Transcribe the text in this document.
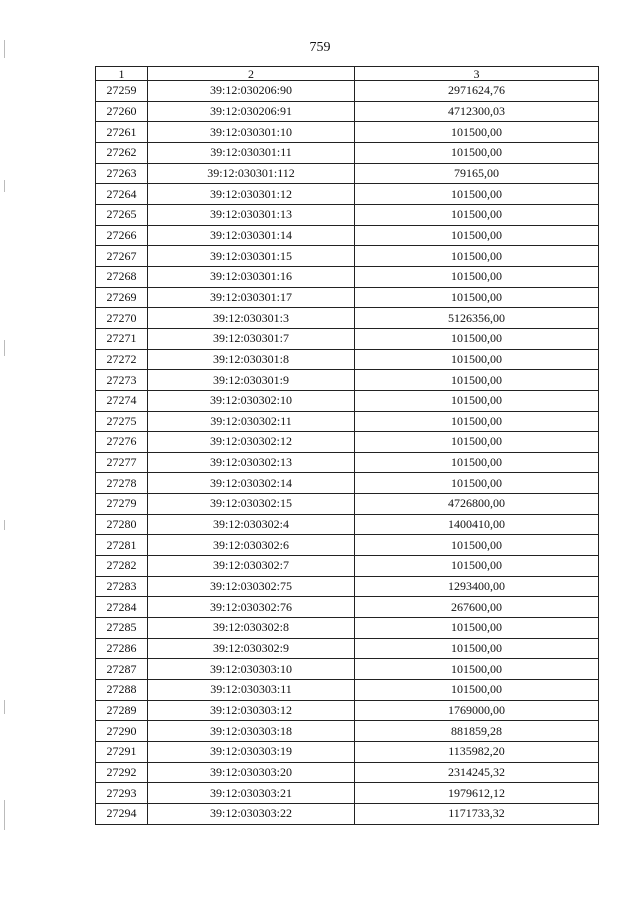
759
1	2	3
27259	39:12:030206:90	2971624,76
27260	39:12:030206:91	4712300,03
27261	39:12:030301:10	101500,00
27262	39:12:030301:11	101500,00
27263	39:12:030301:112	79165,00
27264	39:12:030301:12	101500,00
27265	39:12:030301:13	101500,00
27266	39:12:030301:14	101500,00
27267	39:12:030301:15	101500,00
27268	39:12:030301:16	101500,00
27269	39:12:030301:17	101500,00
27270	39:12:030301:3	5126356,00
27271	39:12:030301:7	101500,00
27272	39:12:030301:8	101500,00
27273	39:12:030301:9	101500,00
27274	39:12:030302:10	101500,00
27275	39:12:030302:11	101500,00
27276	39:12:030302:12	101500,00
27277	39:12:030302:13	101500,00
27278	39:12:030302:14	101500,00
27279	39:12:030302:15	4726800,00
27280	39:12:030302:4	1400410,00
27281	39:12:030302:6	101500,00
27282	39:12:030302:7	101500,00
27283	39:12:030302:75	1293400,00
27284	39:12:030302:76	267600,00
27285	39:12:030302:8	101500,00
27286	39:12:030302:9	101500,00
27287	39:12:030303:10	101500,00
27288	39:12:030303:11	101500,00
27289	39:12:030303:12	1769000,00
27290	39:12:030303:18	881859,28
27291	39:12:030303:19	1135982,20
27292	39:12:030303:20	2314245,32
27293	39:12:030303:21	1979612,12
27294	39:12:030303:22	1171733,32
